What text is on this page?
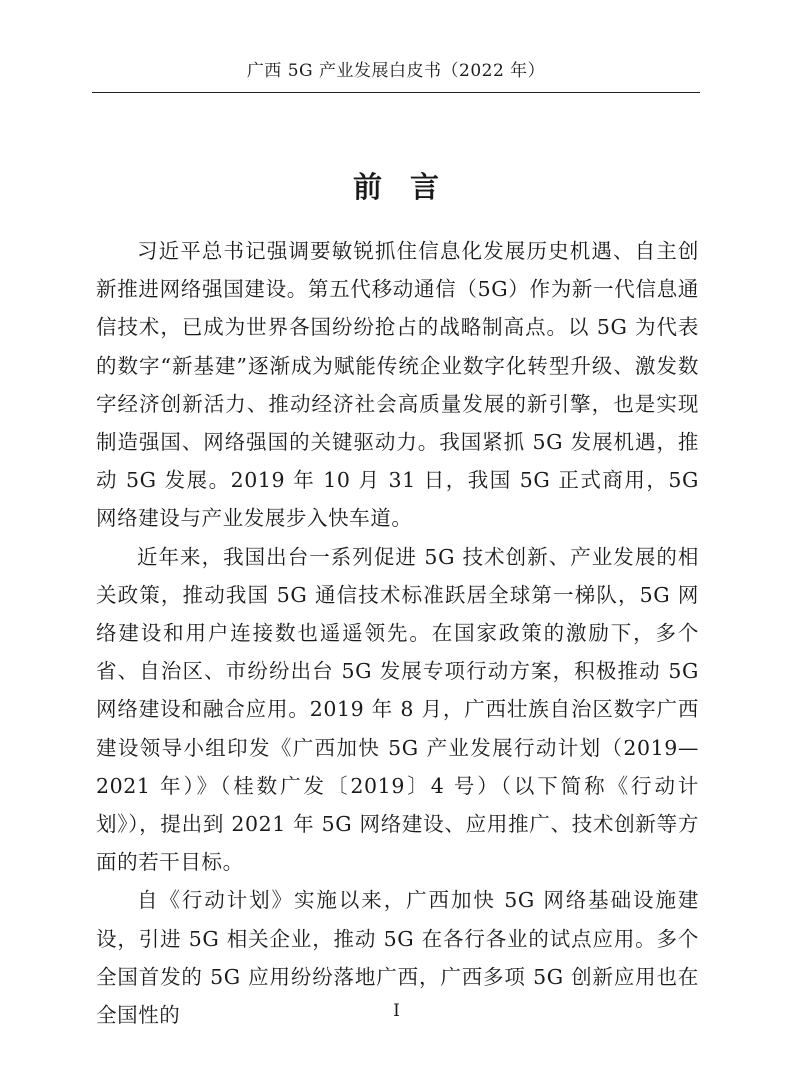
广西 5G 产业发展白皮书（2022 年）
前言

习近平总书记强调要敏锐抓住信息化发展历史机遇、自主创新推进网络强国建设。第五代移动通信（5G）作为新一代信息通信技术，已成为世界各国纷纷抢占的战略制高点。以 5G 为代表的数字“新基建”逐渐成为赋能传统企业数字化转型升级、激发数字经济创新活力、推动经济社会高质量发展的新引擎，也是实现制造强国、网络强国的关键驱动力。我国紧抓 5G 发展机遇，推动 5G 发展。2019 年 10 月 31 日，我国 5G 正式商用，5G 网络建设与产业发展步入快车道。

近年来，我国出台一系列促进 5G 技术创新、产业发展的相关政策，推动我国 5G 通信技术标准跃居全球第一梯队，5G 网络建设和用户连接数也遥遥领先。在国家政策的激励下，多个省、自治区、市纷纷出台 5G 发展专项行动方案，积极推动 5G 网络建设和融合应用。2019 年 8 月，广西壮族自治区数字广西建设领导小组印发《广西加快 5G 产业发展行动计划（2019—2021 年）》（桂数广发〔2019〕4 号）（以下简称《行动计划》），提出到 2021 年 5G 网络建设、应用推广、技术创新等方面的若干目标。

自《行动计划》实施以来，广西加快 5G 网络基础设施建设，引进 5G 相关企业，推动 5G 在各行各业的试点应用。多个全国首发的 5G 应用纷纷落地广西，广西多项 5G 创新应用也在全国性的	I
